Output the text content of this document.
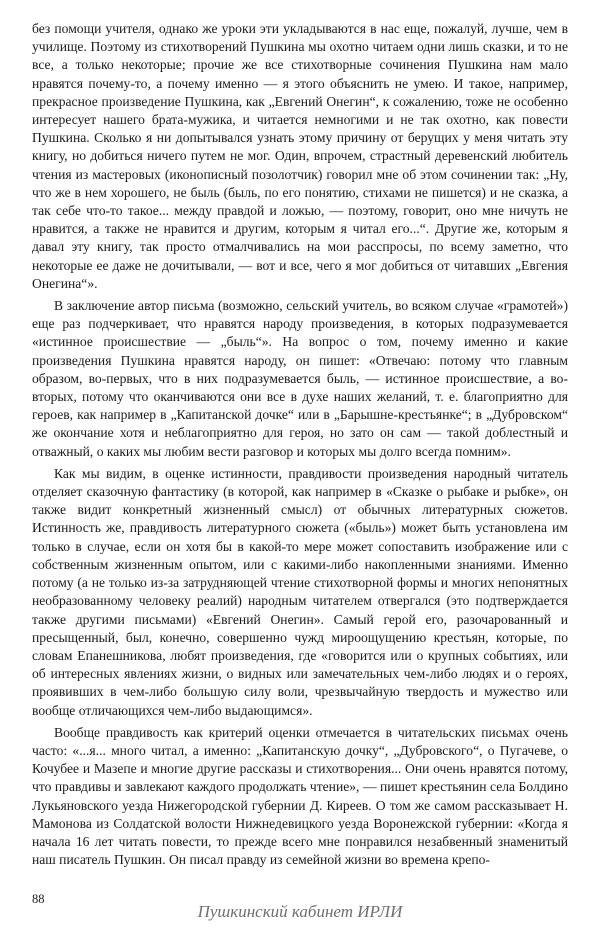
без помощи учителя, однако же уроки эти укладываются в нас еще, пожалуй, лучше, чем в училище. Поэтому из стихотворений Пушкина мы охотно читаем одни лишь сказки, и то не все, а только некоторые; прочие же все стихотворные сочинения Пушкина нам мало нравятся почему-то, а почему именно — я этого объяснить не умею. И такое, например, прекрасное произведение Пушкина, как „Евгений Онегин“, к сожалению, тоже не особенно интересует нашего брата-мужика, и читается немногими и не так охотно, как повести Пушкина. Сколько я ни допытывался узнать этому причину от берущих у меня читать эту книгу, но добиться ничего путем не мог. Один, впрочем, страстный деревенский любитель чтения из мастеровых (иконописный позолотчик) говорил мне об этом сочинении так: „Ну, что же в нем хорошего, не быль (быль, по его понятию, стихами не пишется) и не сказка, а так себе что-то такое... между правдой и ложью, — поэтому, говорит, оно мне ничуть не нравится, а также не нравится и другим, которым я читал его...“. Другие же, которым я давал эту книгу, так просто отмалчивались на мои расспросы, по всему заметно, что некоторые ее даже не дочитывали, — вот и все, чего я мог добиться от читавших „Евгения Онегина“».

В заключение автор письма (возможно, сельский учитель, во всяком случае «грамотей») еще раз подчеркивает, что нравятся народу произведения, в которых подразумевается «истинное происшествие — „быль“». На вопрос о том, почему именно и какие произведения Пушкина нравятся народу, он пишет: «Отвечаю: потому что главным образом, во-первых, что в них подразумевается быль, — истинное происшествие, а во-вторых, потому что оканчиваются они все в духе наших желаний, т. е. благоприятно для героев, как например в „Капитанской дочке“ или в „Барышне-крестьянке“; в „Дубровском“ же окончание хотя и неблагоприятно для героя, но зато он сам — такой доблестный и отважный, о каких мы любим вести разговор и которых мы долго всегда помним».

Как мы видим, в оценке истинности, правдивости произведения народный читатель отделяет сказочную фантастику (в которой, как например в «Сказке о рыбаке и рыбке», он также видит конкретный жизненный смысл) от обычных литературных сюжетов. Истинность же, правдивость литературного сюжета («быль») может быть установлена им только в случае, если он хотя бы в какой-то мере может сопоставить изображение или с собственным жизненным опытом, или с какими-либо накопленными знаниями. Именно потому (а не только из-за затрудняющей чтение стихотворной формы и многих непонятных необразованному человеку реалий) народным читателем отвергался (это подтверждается также другими письмами) «Евгений Онегин». Самый герой его, разочарованный и пресыщенный, был, конечно, совершенно чужд мироощущению крестьян, которые, по словам Епанешникова, любят произведения, где «говорится или о крупных событиях, или об интересных явлениях жизни, о видных или замечательных чем-либо людях и о героях, проявивших в чем-либо большую силу воли, чрезвычайную твердость и мужество или вообще отличающихся чем-либо выдающимся».

Вообще правдивость как критерий оценки отмечается в читательских письмах очень часто: «...я... много читал, а именно: „Капитанскую дочку“, „Дубровского“, о Пугачеве, о Кочубее и Мазепе и многие другие рассказы и стихотворения... Они очень нравятся потому, что правдивы и завлекают каждого продолжать чтение», — пишет крестьянин села Болдино Лукьяновского уезда Нижегородской губернии Д. Киреев. О том же самом рассказывает Н. Мамонова из Солдатской волости Нижнедевицкого уезда Воронежской губернии: «Когда я начала 16 лет читать повести, то прежде всего мне понравился незабвенный знаменитый наш писатель Пушкин. Он писал правду из семейной жизни во времена крепо-

88
Пушкинский кабинет ИРЛИ
